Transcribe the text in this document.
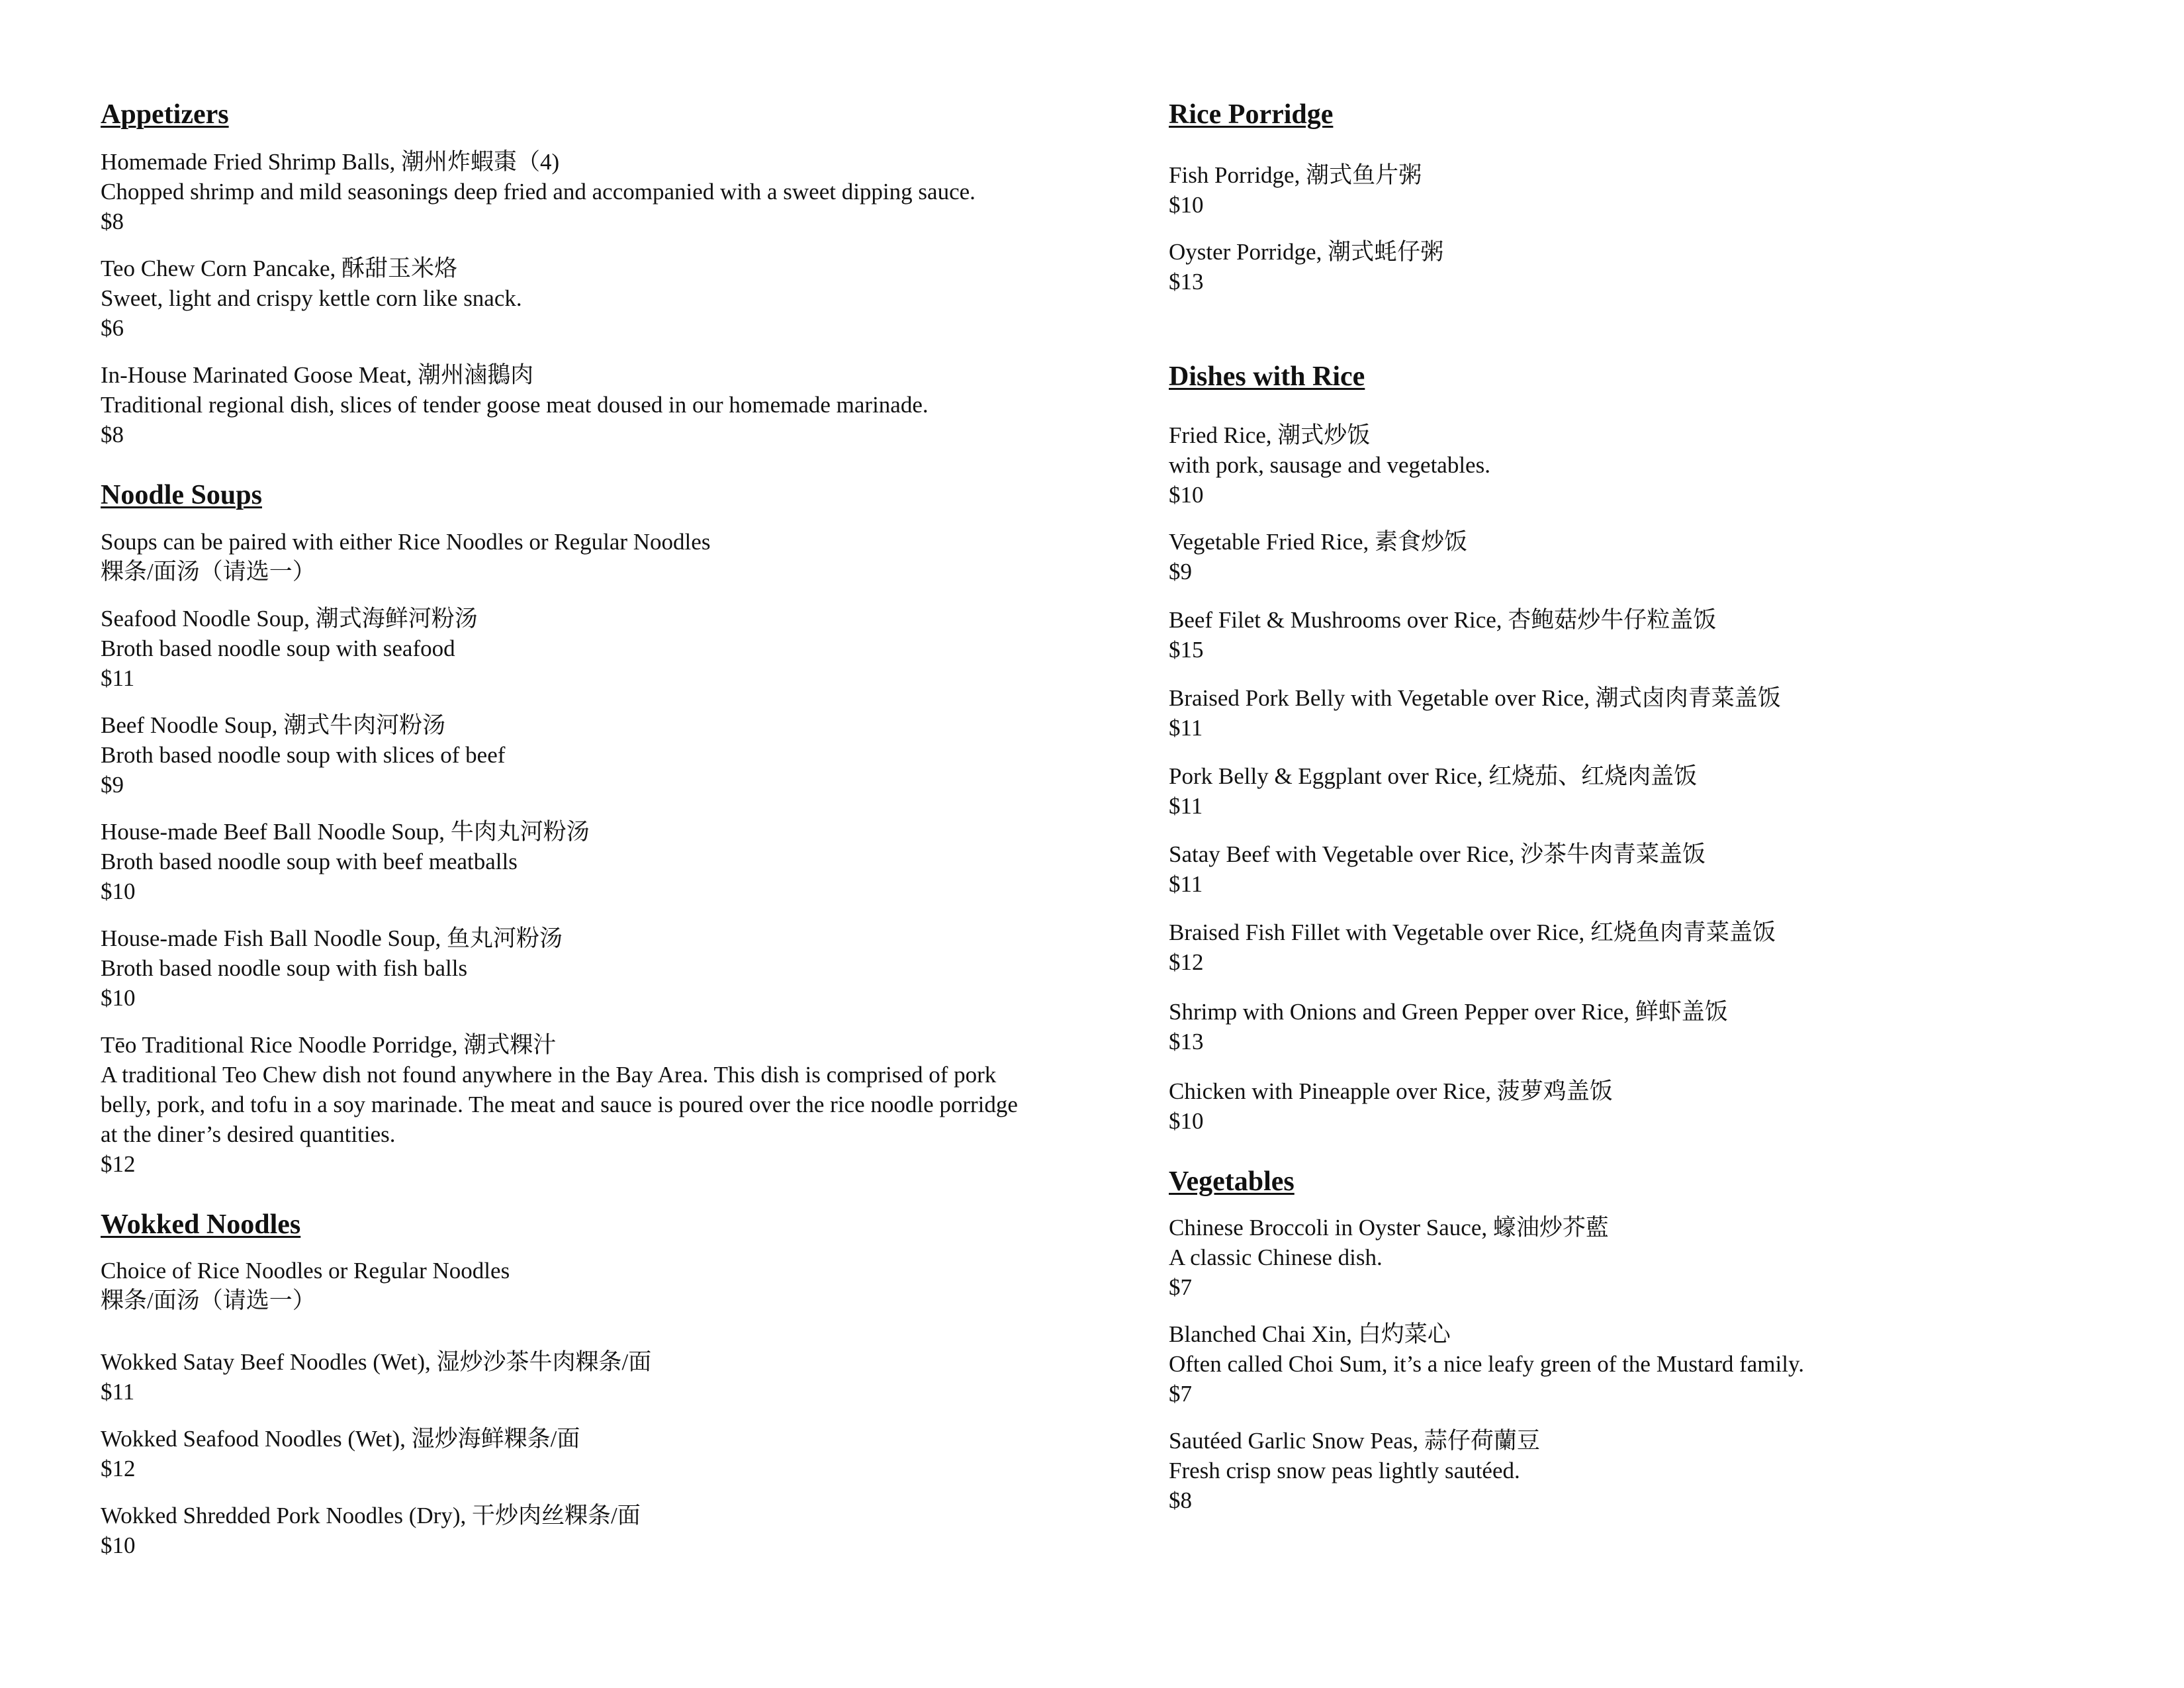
Appetizers

Homemade Fried Shrimp Balls, 潮州炸蝦棗（4)

Chopped shrimp and mild seasonings deep fried and accompanied with a sweet dipping sauce.

$8

Teo Chew Corn Pancake, 酥甜玉米烙

Sweet, light and crispy kettle corn like snack.

$6

In-House Marinated Goose Meat, 潮州滷鵝肉

Traditional regional dish, slices of tender goose meat doused in our homemade marinade.

$8

Noodle Soups

Soups can be paired with either Rice Noodles or Regular Noodles

粿条/面汤（请选一）

Seafood Noodle Soup, 潮式海鲜河粉汤

Broth based noodle soup with seafood

$11

Beef Noodle Soup, 潮式牛肉河粉汤

Broth based noodle soup with slices of beef

$9

House-made Beef Ball Noodle Soup, 牛肉丸河粉汤

Broth based noodle soup with beef meatballs

$10

House-made Fish Ball Noodle Soup, 鱼丸河粉汤

Broth based noodle soup with fish balls

$10

Tēo Traditional Rice Noodle Porridge, 潮式粿汁

A traditional Teo Chew dish not found anywhere in the Bay Area. This dish is comprised of pork

belly, pork, and tofu in a soy marinade. The meat and sauce is poured over the rice noodle porridge

at the diner’s desired quantities.

$12

Wokked Noodles

Choice of Rice Noodles or Regular Noodles

粿条/面汤（请选一）

Wokked Satay Beef Noodles (Wet), 湿炒沙茶牛肉粿条/面

$11

Wokked Seafood Noodles (Wet), 湿炒海鲜粿条/面

$12

Wokked Shredded Pork Noodles (Dry), 干炒肉丝粿条/面

$10

Rice Porridge

Fish Porridge, 潮式鱼片粥

$10

Oyster Porridge, 潮式蚝仔粥

$13

Dishes with Rice

Fried Rice, 潮式炒饭

with pork, sausage and vegetables.

$10

Vegetable Fried Rice, 素食炒饭

$9

Beef Filet & Mushrooms over Rice, 杏鲍菇炒牛仔粒盖饭

$15

Braised Pork Belly with Vegetable over Rice, 潮式卤肉青菜盖饭

$11

Pork Belly & Eggplant over Rice, 红烧茄、红烧肉盖饭

$11

Satay Beef with Vegetable over Rice, 沙茶牛肉青菜盖饭

$11

Braised Fish Fillet with Vegetable over Rice, 红烧鱼肉青菜盖饭

$12

Shrimp with Onions and Green Pepper over Rice, 鲜虾盖饭

$13

Chicken with Pineapple over Rice, 菠萝鸡盖饭

$10

Vegetables

Chinese Broccoli in Oyster Sauce, 蠔油炒芥藍

A classic Chinese dish.

$7

Blanched Chai Xin, 白灼菜心

Often called Choi Sum, it’s a nice leafy green of the Mustard family.

$7

Sautéed Garlic Snow Peas, 蒜仔荷蘭豆

Fresh crisp snow peas lightly sautéed.

$8
